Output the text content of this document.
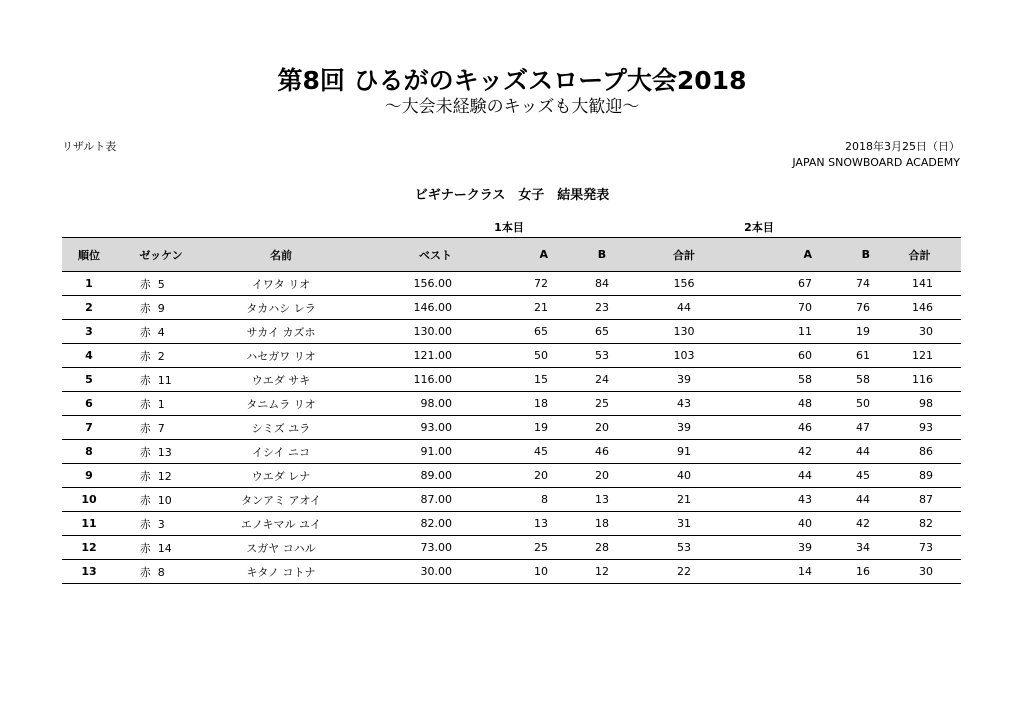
第8回 ひるがのキッズスロープ大会2018
～大会未経験のキッズも大歓迎～
リザルト表	2018年3月25日（日）
JAPAN SNOWBOARD ACADEMY
ビギナークラス　女子　結果発表
1本目	2本目
順位	ゼッケン	名前	ベスト	A	B	合計	A	B	合計
1	赤 5	イワタ リオ	156.00	72	84	156	67	74	141
2	赤 9	タカハシ レラ	146.00	21	23	44	70	76	146
3	赤 4	サカイ カズホ	130.00	65	65	130	11	19	30
4	赤 2	ハセガワ リオ	121.00	50	53	103	60	61	121
5	赤 11	ウエダ サキ	116.00	15	24	39	58	58	116
6	赤 1	タニムラ リオ	98.00	18	25	43	48	50	98
7	赤 7	シミズ ユラ	93.00	19	20	39	46	47	93
8	赤 13	イシイ ニコ	91.00	45	46	91	42	44	86
9	赤 12	ウエダ レナ	89.00	20	20	40	44	45	89
10	赤 10	タンアミ アオイ	87.00	8	13	21	43	44	87
11	赤 3	エノキマル ユイ	82.00	13	18	31	40	42	82
12	赤 14	スガヤ コハル	73.00	25	28	53	39	34	73
13	赤 8	キタノ コトナ	30.00	10	12	22	14	16	30
